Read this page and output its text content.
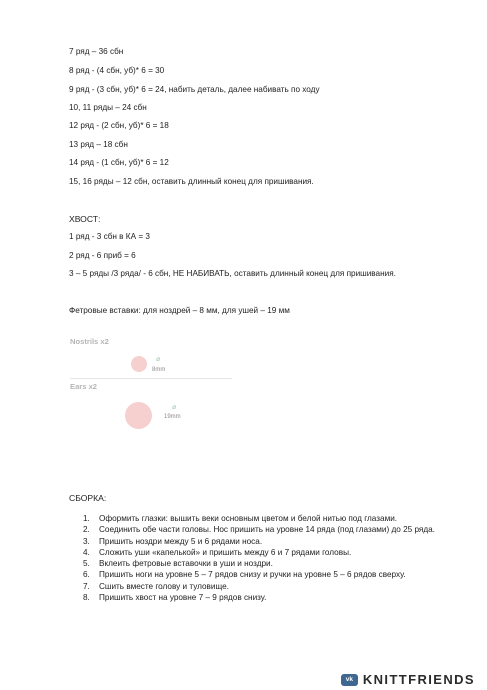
7 ряд – 36 сбн
8 ряд - (4 сбн, уб)* 6 = 30
9 ряд - (3 сбн, уб)* 6 = 24, набить деталь, далее набивать по ходу
10, 11 ряды – 24 сбн
12 ряд - (2 сбн, уб)* 6 = 18
13 ряд – 18 сбн
14 ряд - (1 сбн, уб)* 6 = 12
15, 16 ряды – 12 сбн, оставить длинный конец для пришивания.
ХВОСТ:
1 ряд - 3 сбн в КА = 3
2 ряд - 6 приб = 6
3 – 5 ряды /3 ряда/ - 6 сбн, НЕ НАБИВАТЬ, оставить длинный конец для пришивания.
Фетровые вставки: для ноздрей – 8 мм, для ушей – 19 мм
Nostrils x2
⌀
8mm
Ears x2
⌀
19mm
СБОРКА:
1. Оформить глазки: вышить веки основным цветом и белой нитью под глазами.
2. Соединить обе части головы. Нос пришить на уровне 14 ряда (под глазами) до 25 ряда.
3. Пришить ноздри между 5 и 6 рядами носа.
4. Сложить уши «капелькой» и пришить между 6 и 7 рядами головы.
5. Вклеить фетровые вставочки в уши и ноздри.
6. Пришить ноги на уровне 5 – 7 рядов снизу и ручки на уровне 5 – 6 рядов сверху.
7. Сшить вместе голову и туловище.
8. Пришить хвост на уровне 7 – 9 рядов снизу.
vk KNITTFRIENDS
